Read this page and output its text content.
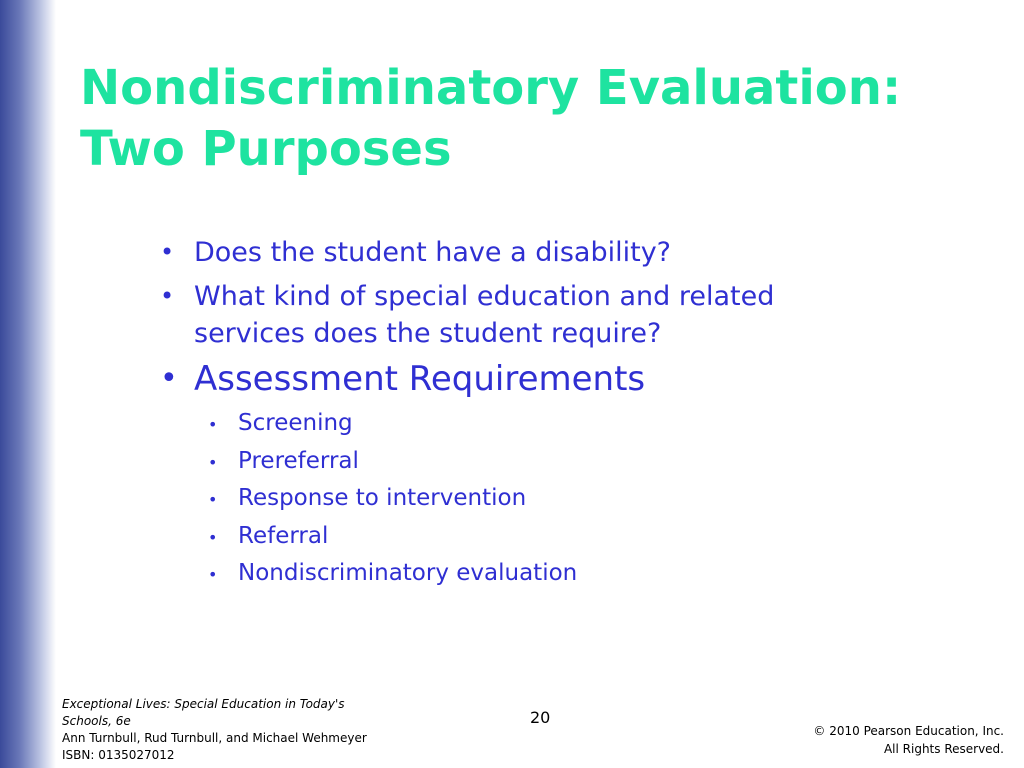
Nondiscriminatory Evaluation:
Two Purposes
• Does the student have a disability?
• What kind of special education and related services does the student require?
• Assessment Requirements
• Screening
• Prereferral
• Response to intervention
• Referral
• Nondiscriminatory evaluation
Exceptional Lives: Special Education in Today's Schools, 6e
Ann Turnbull, Rud Turnbull, and Michael Wehmeyer
ISBN: 0135027012
20
© 2010 Pearson Education, Inc.
All Rights Reserved.
